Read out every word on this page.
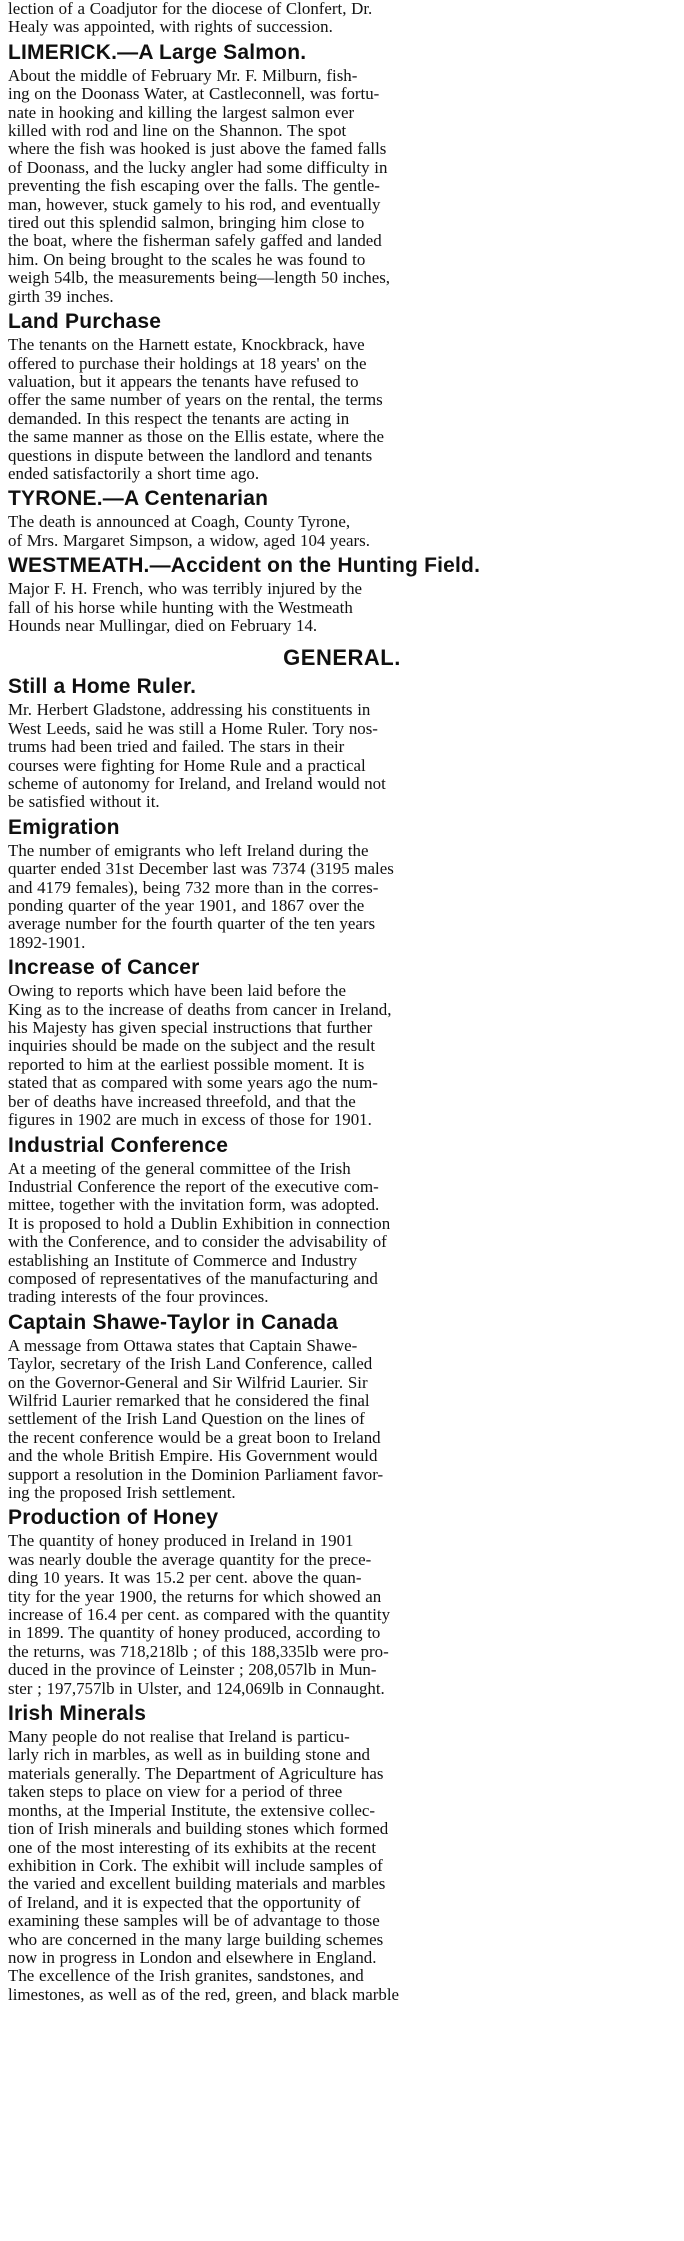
lection of a Coadjutor for the diocese of Clonfert, Dr.
Healy was appointed, with rights of succession.

LIMERICK.—A Large Salmon.

About the middle of February Mr. F. Milburn, fish-
ing on the Doonass Water, at Castleconnell, was fortu-
nate in hooking and killing the largest salmon ever
killed with rod and line on the Shannon. The spot
where the fish was hooked is just above the famed falls
of Doonass, and the lucky angler had some difficulty in
preventing the fish escaping over the falls. The gentle-
man, however, stuck gamely to his rod, and eventually
tired out this splendid salmon, bringing him close to
the boat, where the fisherman safely gaffed and landed
him. On being brought to the scales he was found to
weigh 54lb, the measurements being—length 50 inches,
girth 39 inches.

Land Purchase

The tenants on the Harnett estate, Knockbrack, have
offered to purchase their holdings at 18 years' on the
valuation, but it appears the tenants have refused to
offer the same number of years on the rental, the terms
demanded. In this respect the tenants are acting in
the same manner as those on the Ellis estate, where the
questions in dispute between the landlord and tenants
ended satisfactorily a short time ago.

TYRONE.—A Centenarian

The death is announced at Coagh, County Tyrone,
of Mrs. Margaret Simpson, a widow, aged 104 years.

WESTMEATH.—Accident on the Hunting Field.

Major F. H. French, who was terribly injured by the
fall of his horse while hunting with the Westmeath
Hounds near Mullingar, died on February 14.

GENERAL.
Still a Home Ruler.

Mr. Herbert Gladstone, addressing his constituents in
West Leeds, said he was still a Home Ruler. Tory nos-
trums had been tried and failed. The stars in their
courses were fighting for Home Rule and a practical
scheme of autonomy for Ireland, and Ireland would not
be satisfied without it.

Emigration

The number of emigrants who left Ireland during the
quarter ended 31st December last was 7374 (3195 males
and 4179 females), being 732 more than in the corres-
ponding quarter of the year 1901, and 1867 over the
average number for the fourth quarter of the ten years
1892-1901.

Increase of Cancer

Owing to reports which have been laid before the
King as to the increase of deaths from cancer in Ireland,
his Majesty has given special instructions that further
inquiries should be made on the subject and the result
reported to him at the earliest possible moment. It is
stated that as compared with some years ago the num-
ber of deaths have increased threefold, and that the
figures in 1902 are much in excess of those for 1901.

Industrial Conference

At a meeting of the general committee of the Irish
Industrial Conference the report of the executive com-
mittee, together with the invitation form, was adopted.
It is proposed to hold a Dublin Exhibition in connection
with the Conference, and to consider the advisability of
establishing an Institute of Commerce and Industry
composed of representatives of the manufacturing and
trading interests of the four provinces.

Captain Shawe-Taylor in Canada

A message from Ottawa states that Captain Shawe-
Taylor, secretary of the Irish Land Conference, called
on the Governor-General and Sir Wilfrid Laurier. Sir
Wilfrid Laurier remarked that he considered the final
settlement of the Irish Land Question on the lines of
the recent conference would be a great boon to Ireland
and the whole British Empire. His Government would
support a resolution in the Dominion Parliament favor-
ing the proposed Irish settlement.

Production of Honey

The quantity of honey produced in Ireland in 1901
was nearly double the average quantity for the prece-
ding 10 years. It was 15.2 per cent. above the quan-
tity for the year 1900, the returns for which showed an
increase of 16.4 per cent. as compared with the quantity
in 1899. The quantity of honey produced, according to
the returns, was 718,218lb ; of this 188,335lb were pro-
duced in the province of Leinster ; 208,057lb in Mun-
ster ; 197,757lb in Ulster, and 124,069lb in Connaught.

Irish Minerals

Many people do not realise that Ireland is particu-
larly rich in marbles, as well as in building stone and
materials generally. The Department of Agriculture has
taken steps to place on view for a period of three
months, at the Imperial Institute, the extensive collec-
tion of Irish minerals and building stones which formed
one of the most interesting of its exhibits at the recent
exhibition in Cork. The exhibit will include samples of
the varied and excellent building materials and marbles
of Ireland, and it is expected that the opportunity of
examining these samples will be of advantage to those
who are concerned in the many large building schemes
now in progress in London and elsewhere in England.
The excellence of the Irish granites, sandstones, and
limestones, as well as of the red, green, and black marble
